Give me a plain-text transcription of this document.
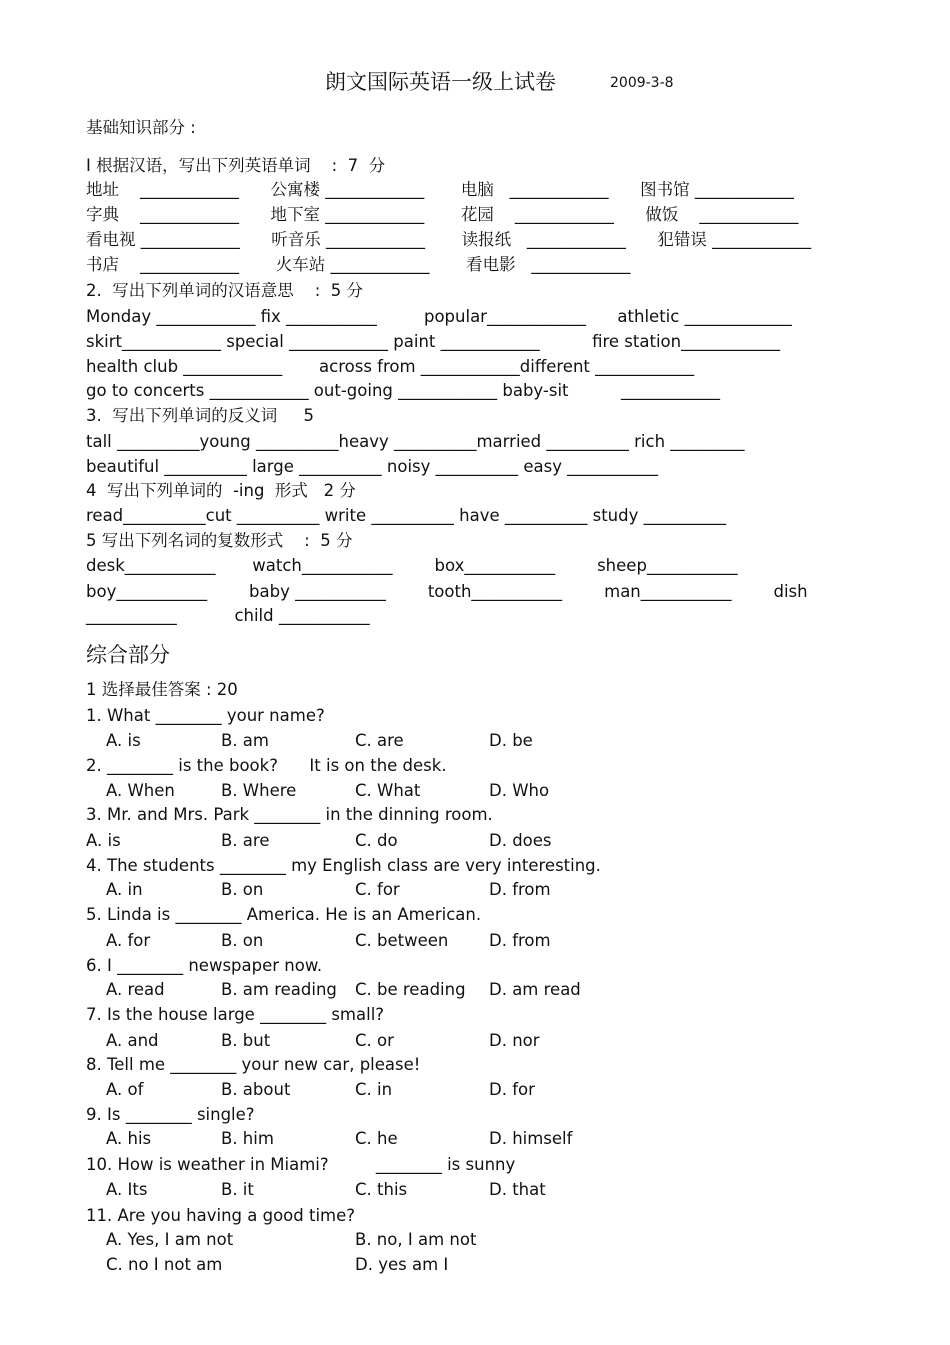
朗文国际英语一级上试卷	2009-3-8
基础知识部分 :
I 根据汉语，写出下列英语单词    :  7  分
地址    ____________      公寓楼 ____________       电脑   ____________      图书馆 ____________
字典    ____________      地下室 ____________       花园    ____________      做饭    ____________
看电视 ____________      听音乐 ____________       读报纸   ____________      犯错误 ____________
书店    ____________       火车站 ____________       看电影   ____________
2.  写出下列单词的汉语意思    :  5 分
Monday ____________ fix ___________         popular____________      athletic _____________
skirt____________ special ____________ paint ____________          fire station____________
health club ____________       across from ____________different ____________
go to concerts ____________ out-going ____________ baby-sit          ____________
3.  写出下列单词的反义词     5
tall __________young __________heavy __________married __________ rich _________
beautiful __________ large __________ noisy __________ easy ___________
4  写出下列单词的  -ing  形式   2 分
read__________cut __________ write __________ have __________ study __________
5 写出下列名词的复数形式    :  5 分
desk___________       watch___________        box___________        sheep___________
boy___________        baby ___________        tooth___________        man___________        dish
___________           child ___________
综合部分
1 选择最佳答案 : 20
1. What ________ your name?
A. is	B. am	C. are	D. be
2. ________ is the book?      It is on the desk.
A. When	B. Where	C. What	D. Who
3. Mr. and Mrs. Park ________ in the dinning room.
A. is	B. are	C. do	D. does
4. The students ________ my English class are very interesting.
A. in	B. on	C. for	D. from
5. Linda is ________ America. He is an American.
A. for	B. on	C. between D. from
6. I ________ newspaper now.
A. read	B. am reading C. be reading D. am read
7. Is the house large ________ small?
A. and	B. but	C. or	D. nor
8. Tell me ________ your new car, please!
A. of	B. about	C. in	D. for
9. Is ________ single?
A. his	B. him	C. he	D. himself
10. How is weather in Miami?         ________ is sunny
A. Its	B. it	C. this	D. that
11. Are you having a good time?
A. Yes, I am not	B. no, I am not
C. no I not am	D. yes am I
